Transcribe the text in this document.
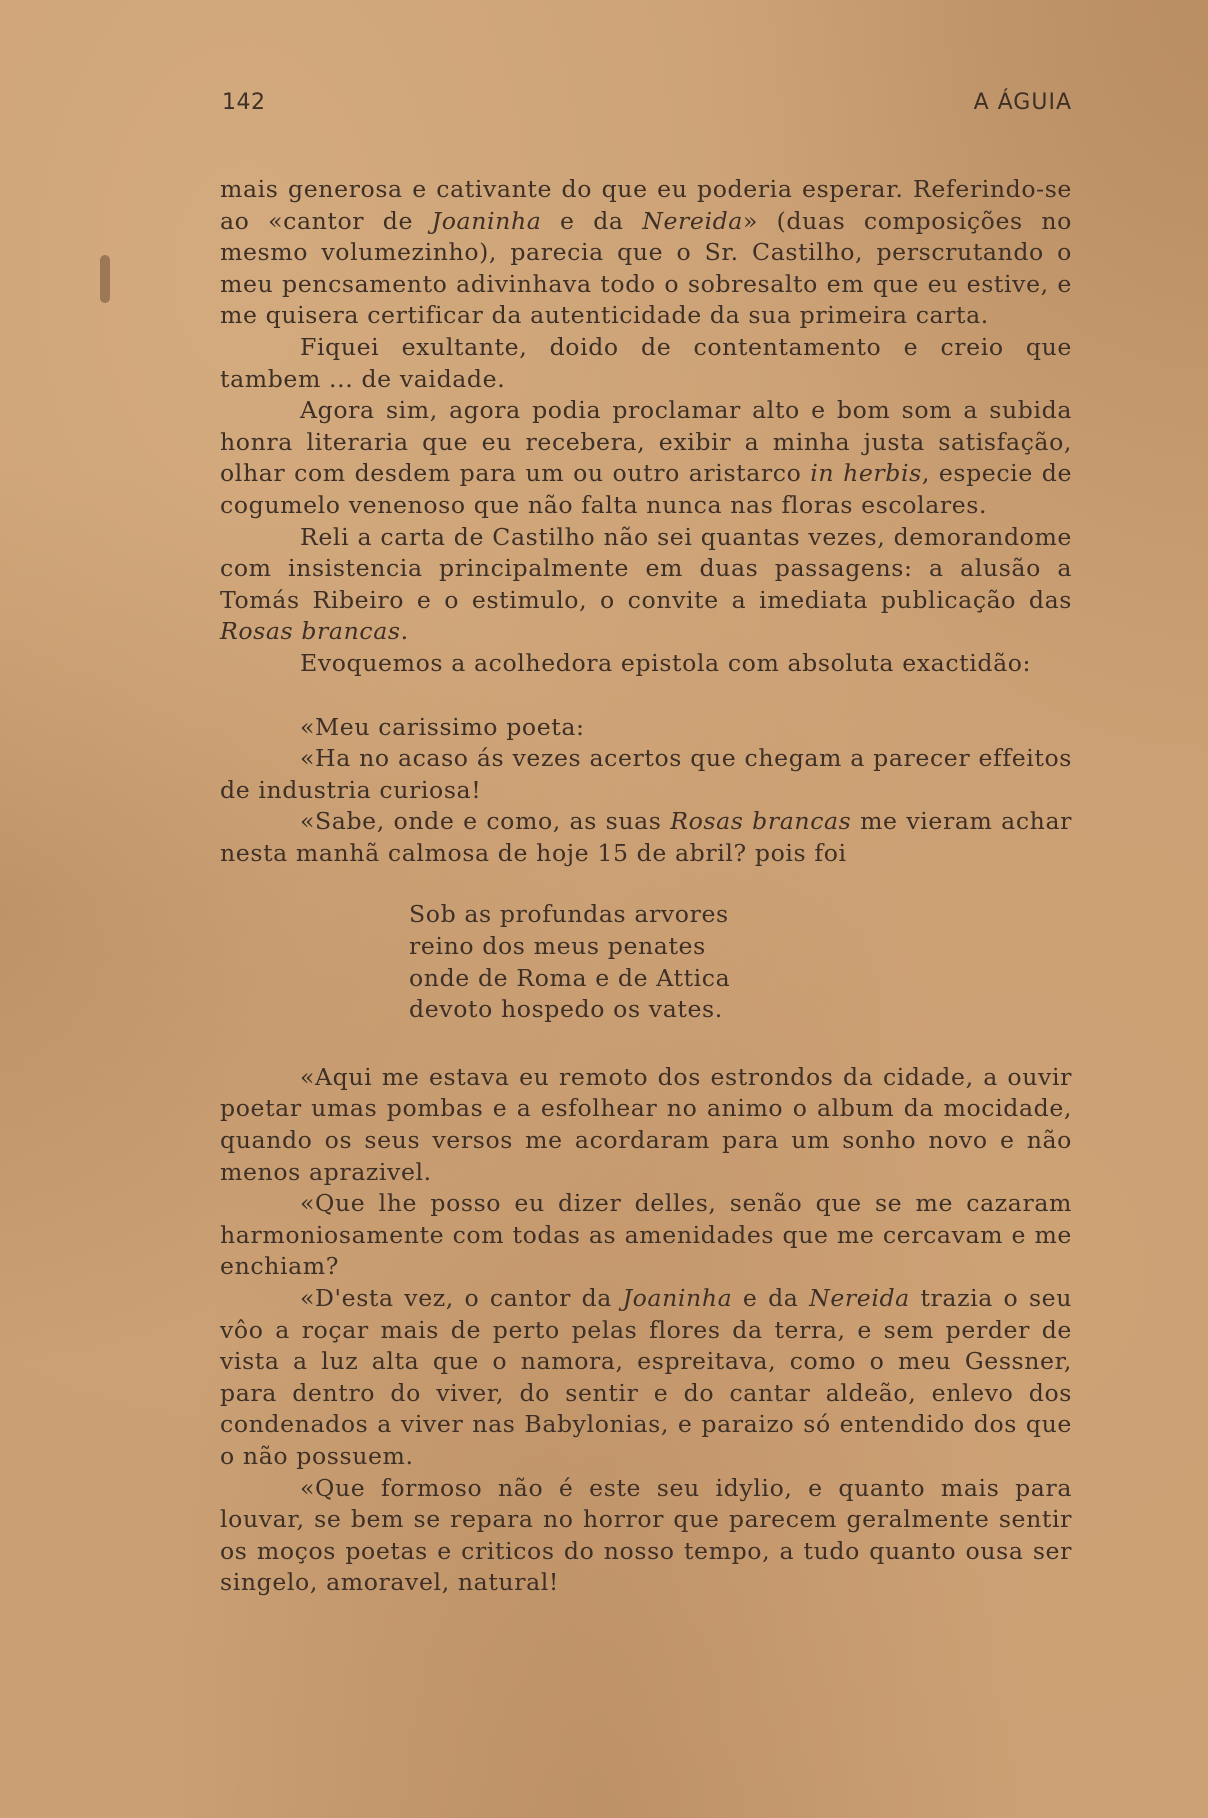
142	A ÁGUIA

mais generosa e cativante do que eu poderia esperar. Referindo-se ao «cantor de Joaninha e da Nereida» (duas composições no mesmo volumezinho), parecia que o Sr. Castilho, perscrutando o meu pencsamento adivinhava todo o sobresalto em que eu estive, e me quisera certificar da autenticidade da sua primeira carta.

Fiquei exultante, doido de contentamento e creio que tambem ... de vaidade.

Agora sim, agora podia proclamar alto e bom som a subida honra literaria que eu recebera, exibir a minha justa satisfação, olhar com desdem para um ou outro aristarco in herbis, especie de cogumelo venenoso que não falta nunca nas floras escolares.

Reli a carta de Castilho não sei quantas vezes, demorandome com insistencia principalmente em duas passagens: a alusão a Tomás Ribeiro e o estimulo, o convite a imediata publicação das Rosas brancas.

Evoquemos a acolhedora epistola com absoluta exactidão:

«Meu carissimo poeta:

«Ha no acaso ás vezes acertos que chegam a parecer effeitos de industria curiosa!

«Sabe, onde e como, as suas Rosas brancas me vieram achar nesta manhã calmosa de hoje 15 de abril? pois foi

Sob as profundas arvores
reino dos meus penates
onde de Roma e de Attica
devoto hospedo os vates.

«Aqui me estava eu remoto dos estrondos da cidade, a ouvir poetar umas pombas e a esfolhear no animo o album da mocidade, quando os seus versos me acordaram para um sonho novo e não menos aprazivel.

«Que lhe posso eu dizer delles, senão que se me cazaram harmoniosamente com todas as amenidades que me cercavam e me enchiam?

«D'esta vez, o cantor da Joaninha e da Nereida trazia o seu vôo a roçar mais de perto pelas flores da terra, e sem perder de vista a luz alta que o namora, espreitava, como o meu Gessner, para dentro do viver, do sentir e do cantar aldeão, enlevo dos condenados a viver nas Babylonias, e paraizo só entendido dos que o não possuem.

«Que formoso não é este seu idylio, e quanto mais para louvar, se bem se repara no horror que parecem geralmente sentir os moços poetas e criticos do nosso tempo, a tudo quanto ousa ser singelo, amoravel, natural!
